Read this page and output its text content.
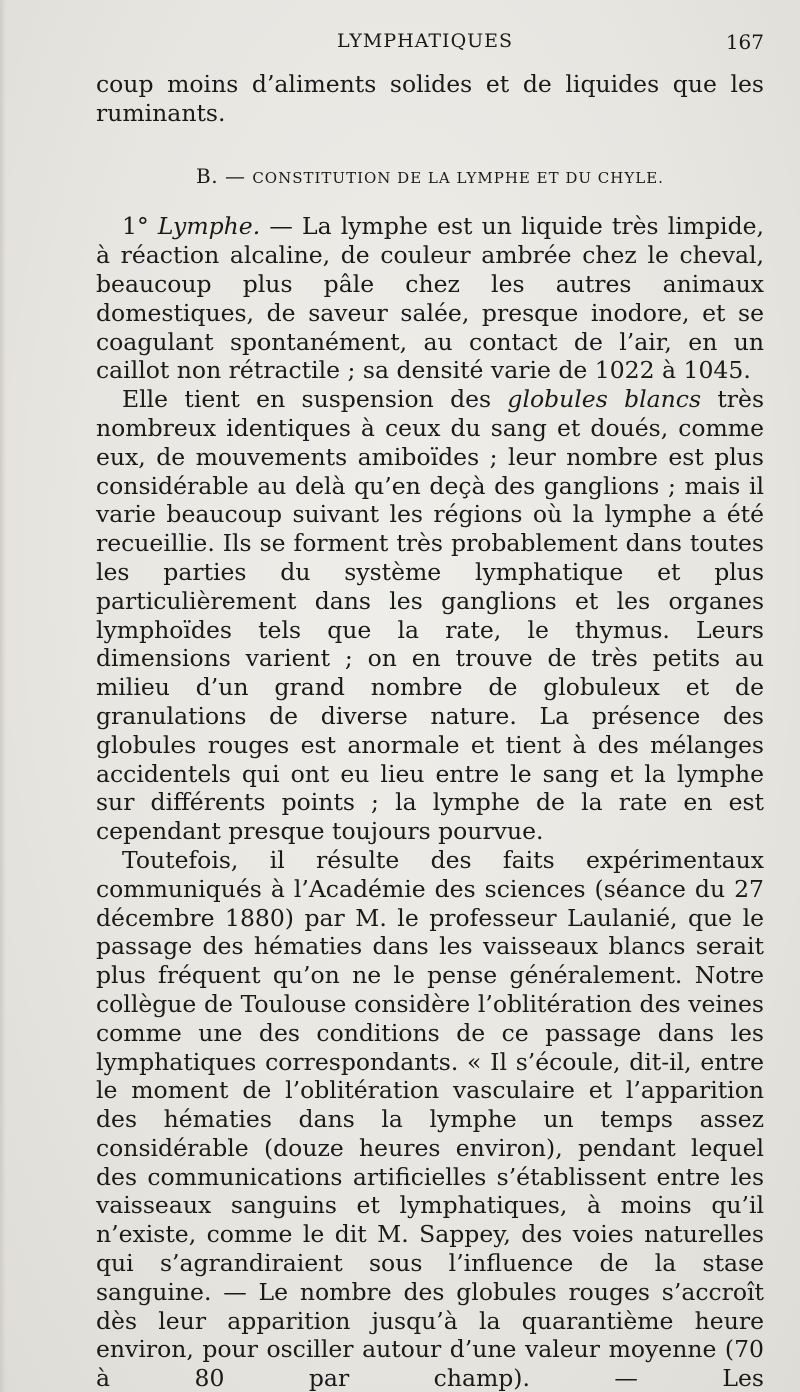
LYMPHATIQUES	167

coup moins d’aliments solides et de liquides que les ruminants.

B. — CONSTITUTION DE LA LYMPHE ET DU CHYLE.

1° Lymphe. — La lymphe est un liquide très limpide, à réaction alcaline, de couleur ambrée chez le cheval, beaucoup plus pâle chez les autres animaux domestiques, de saveur salée, presque inodore, et se coagulant spontanément, au contact de l’air, en un caillot non rétractile ; sa densité varie de 1022 à 1045.

Elle tient en suspension des globules blancs très nombreux identiques à ceux du sang et doués, comme eux, de mouvements amiboïdes ; leur nombre est plus considérable au delà qu’en deçà des ganglions ; mais il varie beaucoup suivant les régions où la lymphe a été recueillie. Ils se forment très probablement dans toutes les parties du système lymphatique et plus particulièrement dans les ganglions et les organes lymphoïdes tels que la rate, le thymus. Leurs dimensions varient ; on en trouve de très petits au milieu d’un grand nombre de globuleux et de granulations de diverse nature. La présence des globules rouges est anormale et tient à des mélanges accidentels qui ont eu lieu entre le sang et la lymphe sur différents points ; la lymphe de la rate en est cependant presque toujours pourvue.

Toutefois, il résulte des faits expérimentaux communiqués à l’Académie des sciences (séance du 27 décembre 1880) par M. le professeur Laulanié, que le passage des hématies dans les vaisseaux blancs serait plus fréquent qu’on ne le pense généralement. Notre collègue de Toulouse considère l’oblitération des veines comme une des conditions de ce passage dans les lymphatiques correspondants. « Il s’écoule, dit-il, entre le moment de l’oblitération vasculaire et l’apparition des hématies dans la lymphe un temps assez considérable (douze heures environ), pendant lequel des communications artificielles s’établissent entre les vaisseaux sanguins et lymphatiques, à moins qu’il n’existe, comme le dit M. Sappey, des voies naturelles qui s’agrandiraient sous l’influence de la stase sanguine. — Le nombre des globules rouges s’accroît dès leur apparition jusqu’à la quarantième heure environ, pour osciller autour d’une valeur moyenne (70 à 80 par champ). — Les
